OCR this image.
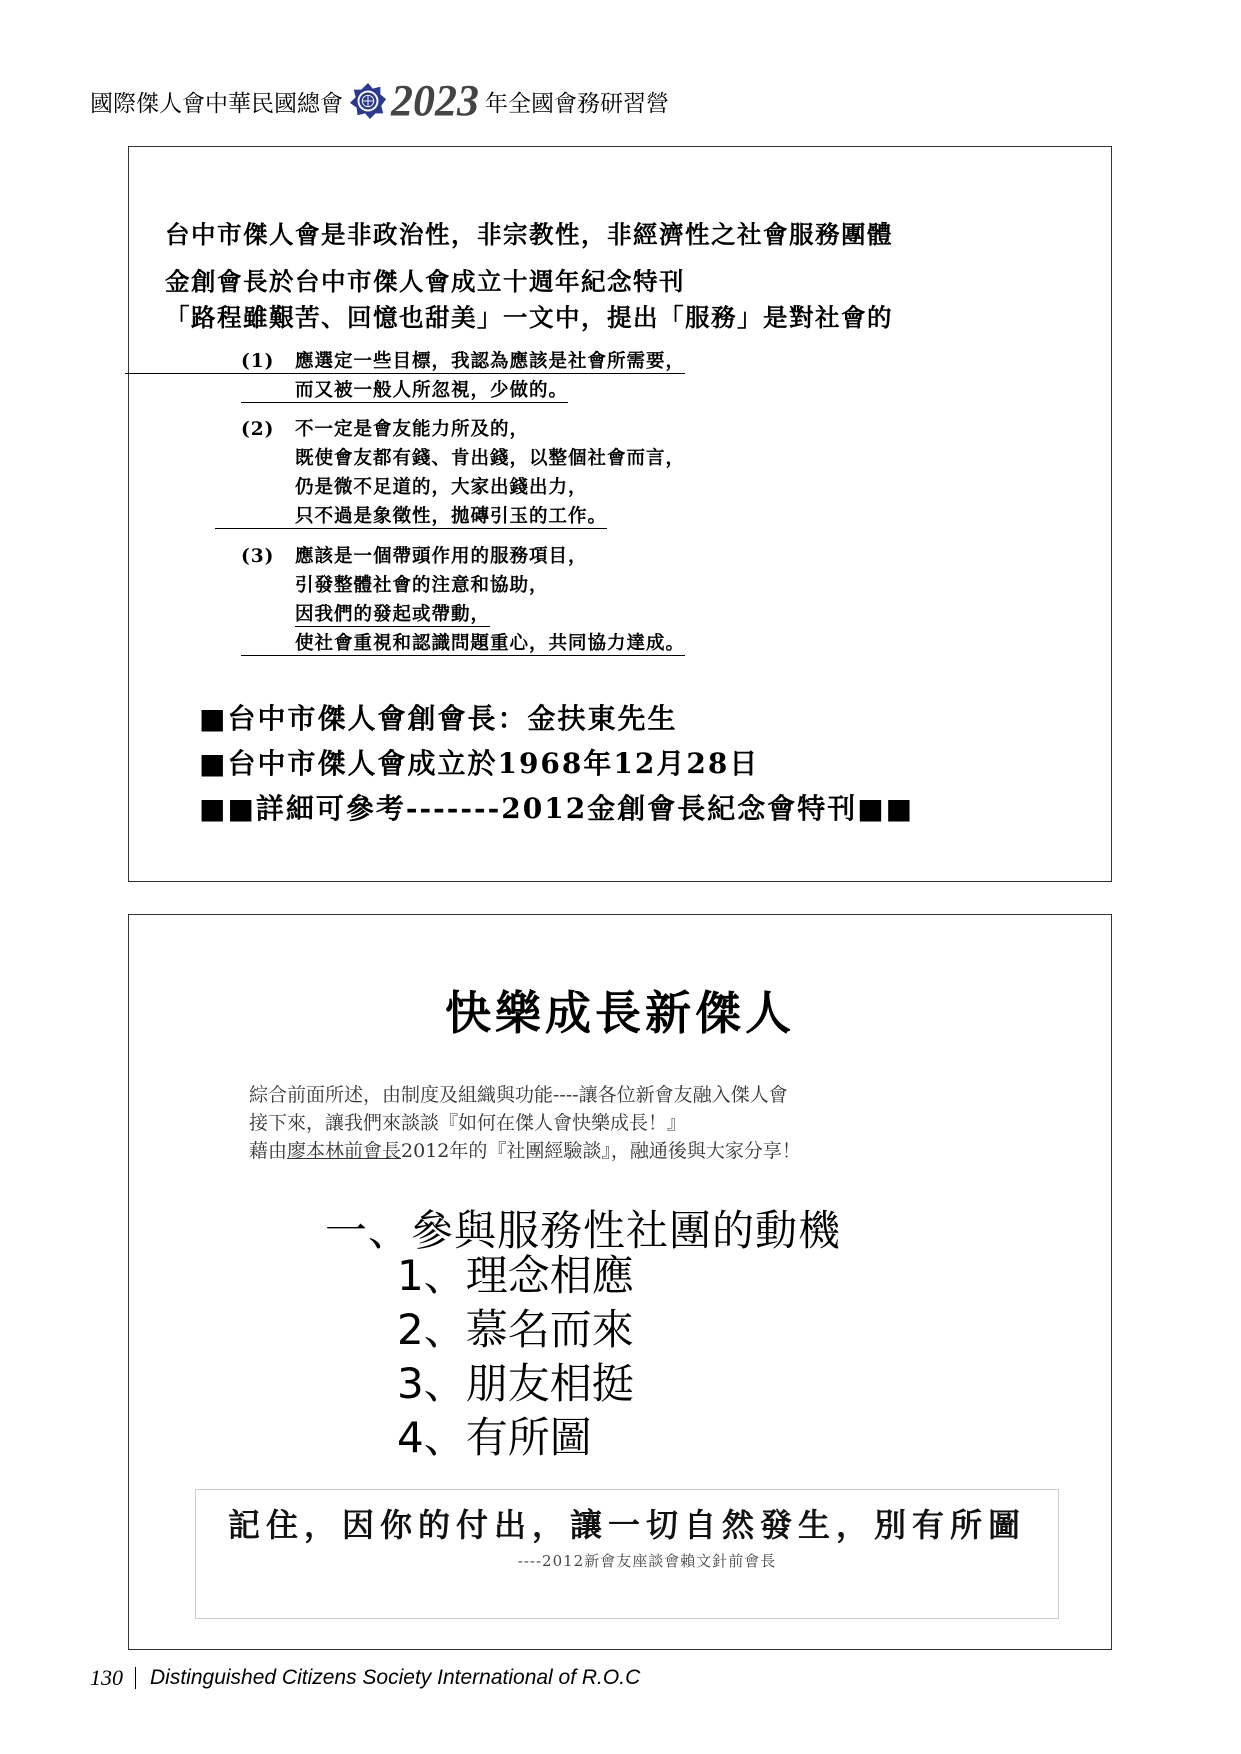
國際傑人會中華民國總會 2023 年全國會務研習營
台中市傑人會是非政治性，非宗教性，非經濟性之社會服務團體
金創會長於台中市傑人會成立十週年紀念特刊
「路程雖艱苦、回憶也甜美」一文中，提出「服務」是對社會的
(1) 應選定一些目標，我認為應該是社會所需要，
而又被一般人所忽視，少做的。
(2) 不一定是會友能力所及的，
既使會友都有錢、肯出錢，以整個社會而言，
仍是微不足道的，大家出錢出力，
只不過是象徵性，拋磚引玉的工作。
(3) 應該是一個帶頭作用的服務項目，
引發整體社會的注意和協助，
因我們的發起或帶動，
使社會重視和認識問題重心，共同協力達成。
■台中市傑人會創會長：金扶東先生
■台中市傑人會成立於1968年12月28日
■■詳細可參考-------2012金創會長紀念會特刊■■
快樂成長新傑人
綜合前面所述，由制度及組織與功能----讓各位新會友融入傑人會
接下來，讓我們來談談『如何在傑人會快樂成長！』
藉由廖本林前會長2012年的『社團經驗談』，融通後與大家分享！
一、參與服務性社團的動機
1、理念相應
2、慕名而來
3、朋友相挺
4、有所圖
記住，因你的付出，讓一切自然發生，別有所圖
----2012新會友座談會賴文針前會長
130 Distinguished Citizens Society International of R.O.C
